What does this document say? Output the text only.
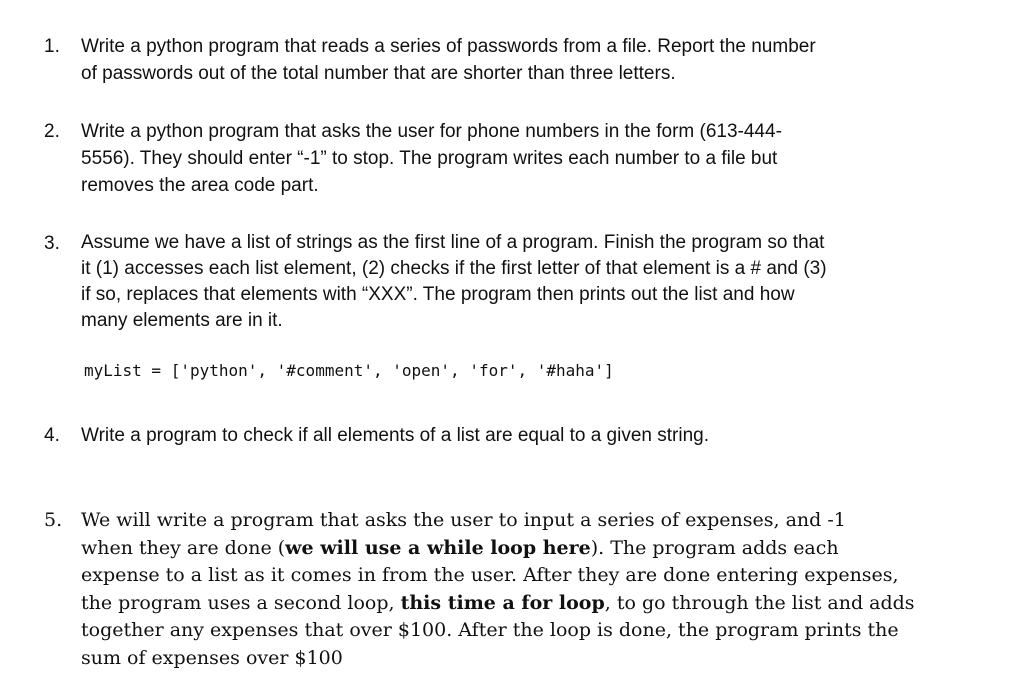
1. Write a python program that reads a series of passwords from a file. Report the number
of passwords out of the total number that are shorter than three letters.
2. Write a python program that asks the user for phone numbers in the form (613-444-
5556). They should enter “-1” to stop. The program writes each number to a file but
removes the area code part.
3. Assume we have a list of strings as the first line of a program. Finish the program so that
it (1) accesses each list element, (2) checks if the first letter of that element is a # and (3)
if so, replaces that elements with “XXX”. The program then prints out the list and how
many elements are in it.
myList = ['python', '#comment', 'open', 'for', '#haha']
4. Write a program to check if all elements of a list are equal to a given string.
5. We will write a program that asks the user to input a series of expenses, and -1
when they are done (we will use a while loop here). The program adds each
expense to a list as it comes in from the user. After they are done entering expenses,
the program uses a second loop, this time a for loop, to go through the list and adds
together any expenses that over $100. After the loop is done, the program prints the
sum of expenses over $100
